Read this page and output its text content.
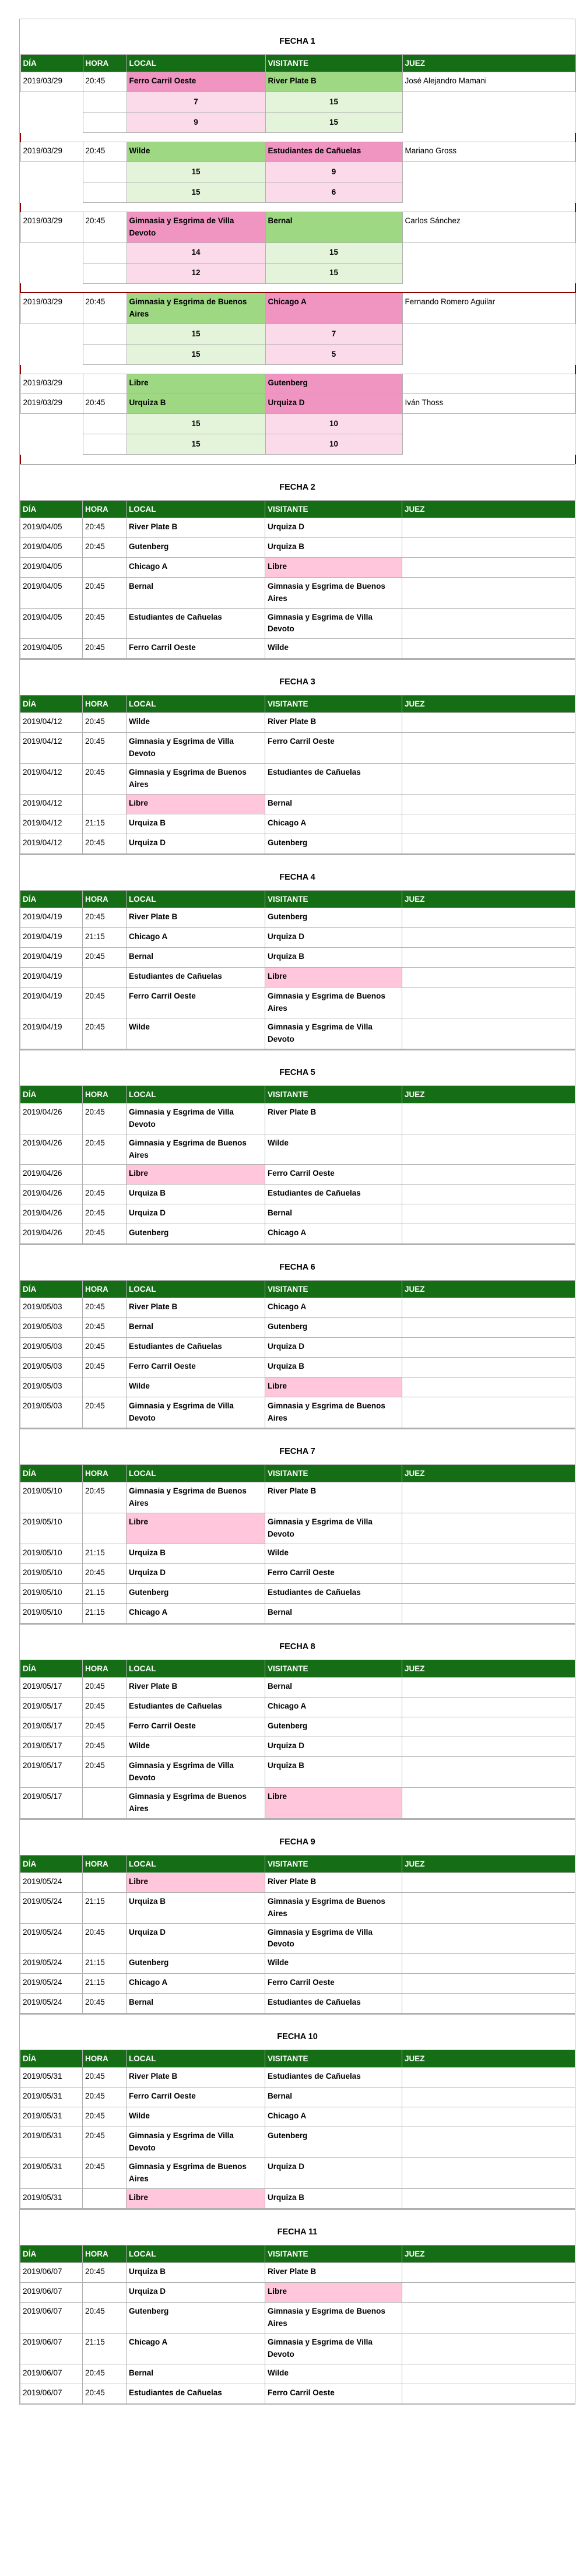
FECHA 1
DÍA	HORA	LOCAL	VISITANTE	JUEZ
2019/03/29	20:45	Ferro Carril Oeste	River Plate B	José Alejandro Mamani
		7	15	
		9	15	

2019/03/29	20:45	Wilde	Estudiantes de Cañuelas	Mariano Gross
		15	9	
		15	6	

2019/03/29	20:45	Gimnasia y Esgrima de Villa Devoto	Bernal	Carlos Sánchez
		14	15	
		12	15	

2019/03/29	20:45	Gimnasia y Esgrima de Buenos Aires	Chicago A	Fernando Romero Aguilar
		15	7	
		15	5	

2019/03/29		Libre	Gutenberg	
2019/03/29	20:45	Urquiza B	Urquiza D	Iván Thoss
		15	10	
		15	10	

FECHA 2
DÍA	HORA	LOCAL	VISITANTE	JUEZ
2019/04/05	20:45	River Plate B	Urquiza D	
2019/04/05	20:45	Gutenberg	Urquiza B	
2019/04/05		Chicago A	Libre	
2019/04/05	20:45	Bernal	Gimnasia y Esgrima de Buenos Aires	
2019/04/05	20:45	Estudiantes de Cañuelas	Gimnasia y Esgrima de Villa Devoto	
2019/04/05	20:45	Ferro Carril Oeste	Wilde	
FECHA 3
DÍA	HORA	LOCAL	VISITANTE	JUEZ
2019/04/12	20:45	Wilde	River Plate B	
2019/04/12	20:45	Gimnasia y Esgrima de Villa Devoto	Ferro Carril Oeste	
2019/04/12	20:45	Gimnasia y Esgrima de Buenos Aires	Estudiantes de Cañuelas	
2019/04/12		Libre	Bernal	
2019/04/12	21:15	Urquiza B	Chicago A	
2019/04/12	20:45	Urquiza D	Gutenberg	
FECHA 4
DÍA	HORA	LOCAL	VISITANTE	JUEZ
2019/04/19	20:45	River Plate B	Gutenberg	
2019/04/19	21:15	Chicago A	Urquiza D	
2019/04/19	20:45	Bernal	Urquiza B	
2019/04/19		Estudiantes de Cañuelas	Libre	
2019/04/19	20:45	Ferro Carril Oeste	Gimnasia y Esgrima de Buenos Aires	
2019/04/19	20:45	Wilde	Gimnasia y Esgrima de Villa Devoto	
FECHA 5
DÍA	HORA	LOCAL	VISITANTE	JUEZ
2019/04/26	20:45	Gimnasia y Esgrima de Villa Devoto	River Plate B	
2019/04/26	20:45	Gimnasia y Esgrima de Buenos Aires	Wilde	
2019/04/26		Libre	Ferro Carril Oeste	
2019/04/26	20:45	Urquiza B	Estudiantes de Cañuelas	
2019/04/26	20:45	Urquiza D	Bernal	
2019/04/26	20:45	Gutenberg	Chicago A	
FECHA 6
DÍA	HORA	LOCAL	VISITANTE	JUEZ
2019/05/03	20:45	River Plate B	Chicago A	
2019/05/03	20:45	Bernal	Gutenberg	
2019/05/03	20:45	Estudiantes de Cañuelas	Urquiza D	
2019/05/03	20:45	Ferro Carril Oeste	Urquiza B	
2019/05/03		Wilde	Libre	
2019/05/03	20:45	Gimnasia y Esgrima de Villa Devoto	Gimnasia y Esgrima de Buenos Aires	
FECHA 7
DÍA	HORA	LOCAL	VISITANTE	JUEZ
2019/05/10	20:45	Gimnasia y Esgrima de Buenos Aires	River Plate B	
2019/05/10		Libre	Gimnasia y Esgrima de Villa Devoto	
2019/05/10	21:15	Urquiza B	Wilde	
2019/05/10	20:45	Urquiza D	Ferro Carril Oeste	
2019/05/10	21.15	Gutenberg	Estudiantes de Cañuelas	
2019/05/10	21:15	Chicago A	Bernal	
FECHA 8
DÍA	HORA	LOCAL	VISITANTE	JUEZ
2019/05/17	20:45	River Plate B	Bernal	
2019/05/17	20:45	Estudiantes de Cañuelas	Chicago A	
2019/05/17	20:45	Ferro Carril Oeste	Gutenberg	
2019/05/17	20:45	Wilde	Urquiza D	
2019/05/17	20:45	Gimnasia y Esgrima de Villa Devoto	Urquiza B	
2019/05/17		Gimnasia y Esgrima de Buenos Aires	Libre	
FECHA 9
DÍA	HORA	LOCAL	VISITANTE	JUEZ
2019/05/24		Libre	River Plate B	
2019/05/24	21:15	Urquiza B	Gimnasia y Esgrima de Buenos Aires	
2019/05/24	20:45	Urquiza D	Gimnasia y Esgrima de Villa Devoto	
2019/05/24	21:15	Gutenberg	Wilde	
2019/05/24	21:15	Chicago A	Ferro Carril Oeste	
2019/05/24	20:45	Bernal	Estudiantes de Cañuelas	
FECHA 10
DÍA	HORA	LOCAL	VISITANTE	JUEZ
2019/05/31	20:45	River Plate B	Estudiantes de Cañuelas	
2019/05/31	20:45	Ferro Carril Oeste	Bernal	
2019/05/31	20:45	Wilde	Chicago A	
2019/05/31	20:45	Gimnasia y Esgrima de Villa Devoto	Gutenberg	
2019/05/31	20:45	Gimnasia y Esgrima de Buenos Aires	Urquiza D	
2019/05/31		Libre	Urquiza B	
FECHA 11
DÍA	HORA	LOCAL	VISITANTE	JUEZ
2019/06/07	20:45	Urquiza B	River Plate B	
2019/06/07		Urquiza D	Libre	
2019/06/07	20:45	Gutenberg	Gimnasia y Esgrima de Buenos Aires	
2019/06/07	21:15	Chicago A	Gimnasia y Esgrima de Villa Devoto	
2019/06/07	20:45	Bernal	Wilde	
2019/06/07	20:45	Estudiantes de Cañuelas	Ferro Carril Oeste	
